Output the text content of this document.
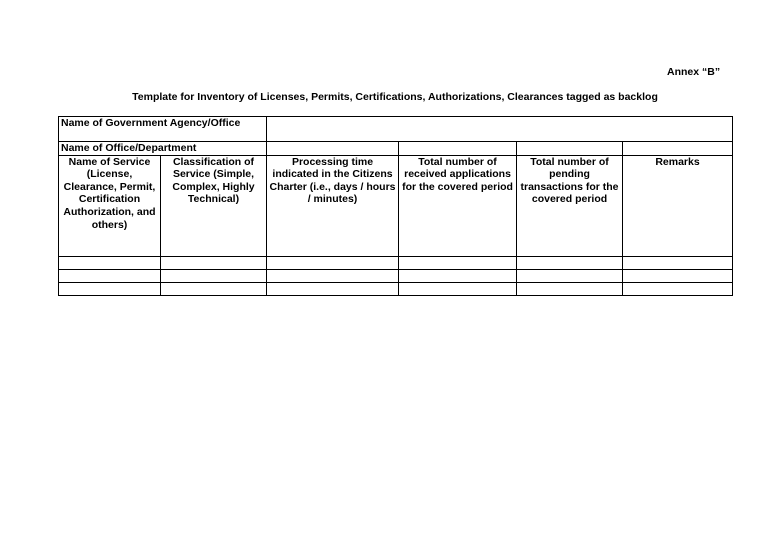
Annex “B”
Template for Inventory of Licenses, Permits, Certifications, Authorizations, Clearances tagged as backlog
Name of Government Agency/Office					
Name of Office/Department					
Name of Service (License, Clearance, Permit, Certification Authorization, and others)	Classification of Service (Simple, Complex, Highly Technical)	Processing time indicated in the Citizens Charter (i.e., days / hours / minutes)	Total number of received applications for the covered period	Total number of pending transactions for the covered period	Remarks
